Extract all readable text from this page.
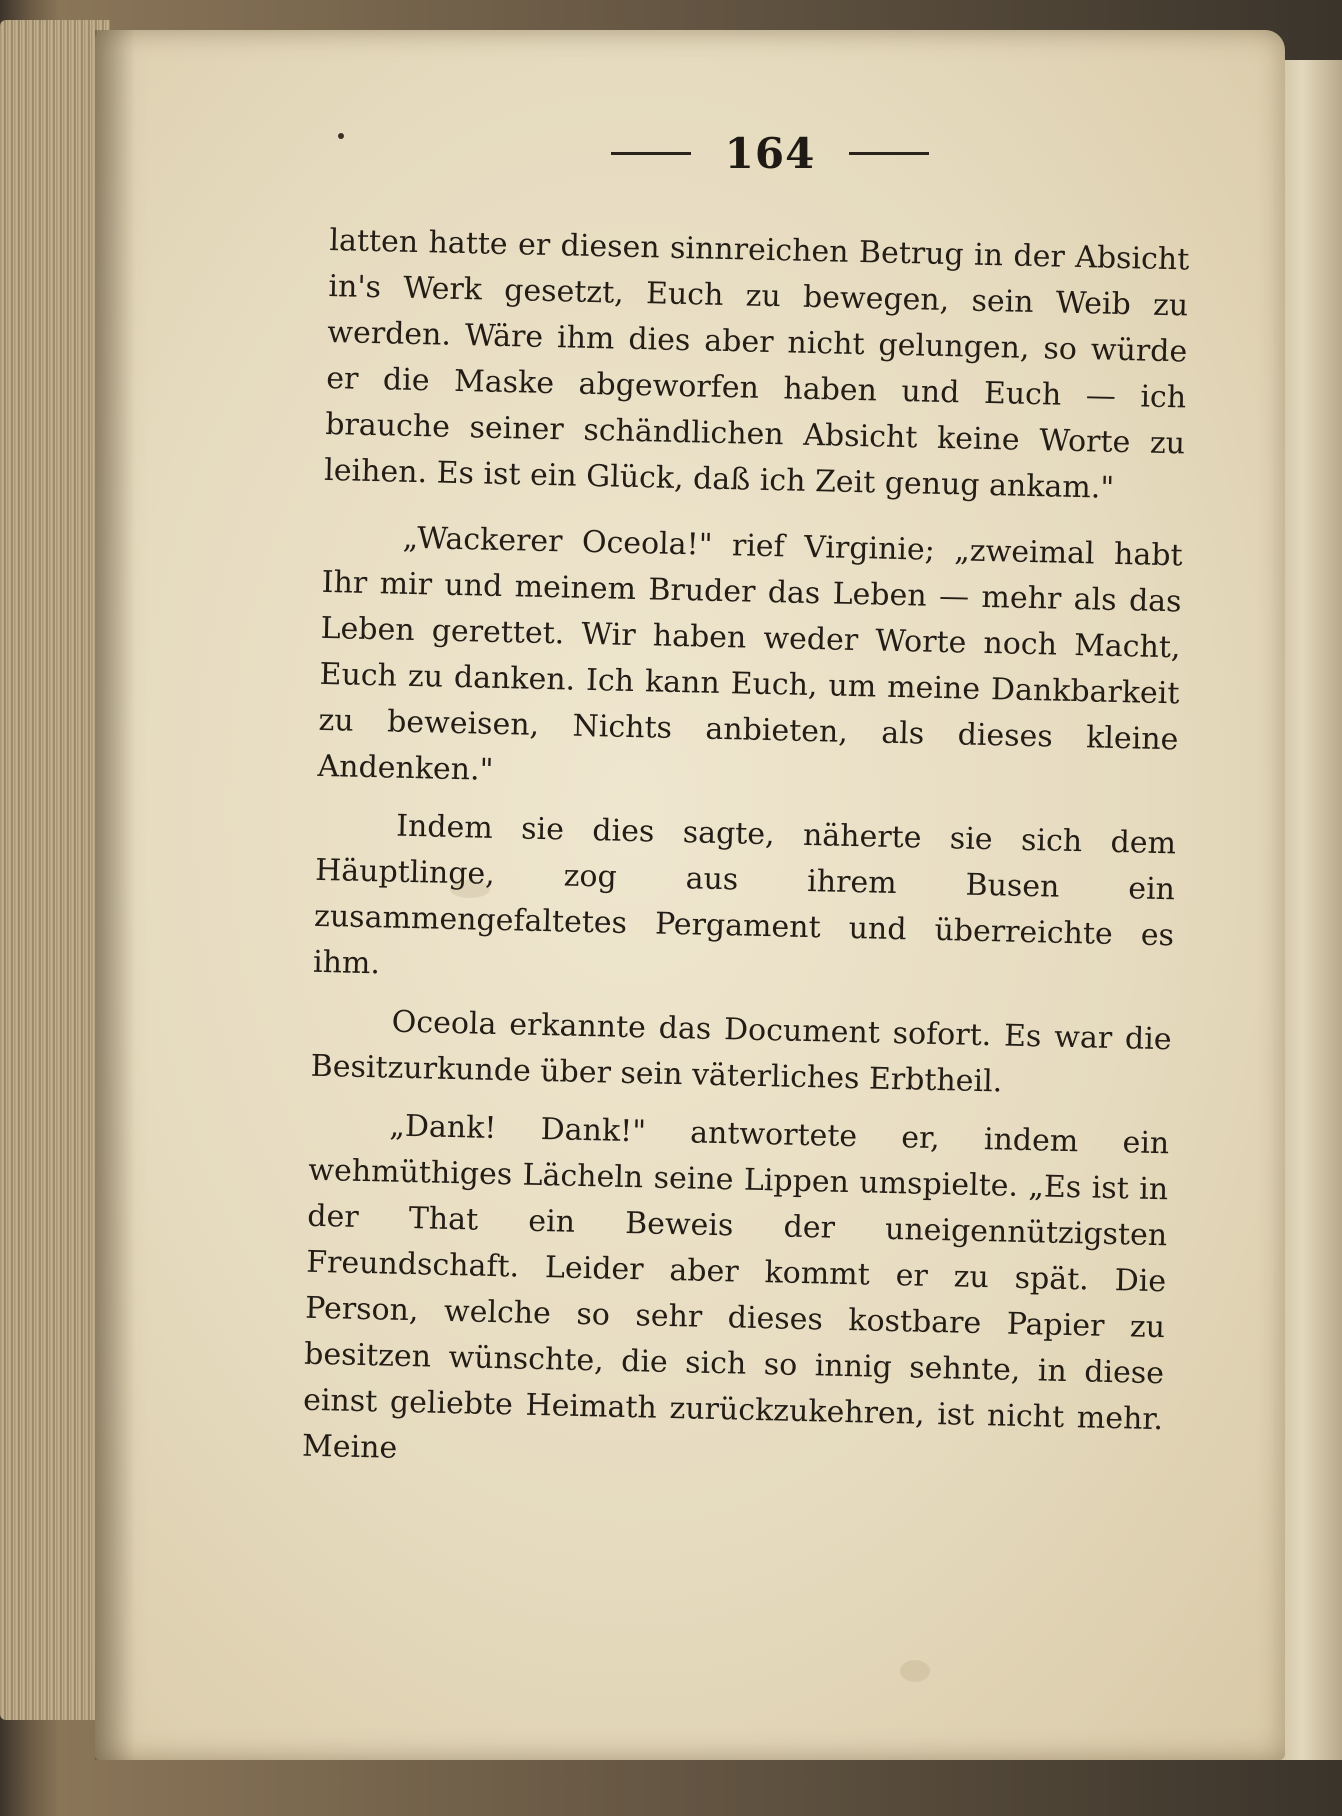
164

latten hatte er diesen sinnreichen Betrug in der Absicht in's Werk gesetzt, Euch zu bewegen, sein Weib zu werden. Wäre ihm dies aber nicht gelungen, so würde er die Maske abgeworfen haben und Euch — ich brauche seiner schändlichen Absicht keine Worte zu leihen. Es ist ein Glück, daß ich Zeit genug ankam."

„Wackerer Oceola!" rief Virginie; „zweimal habt Ihr mir und meinem Bruder das Leben — mehr als das Leben gerettet. Wir haben weder Worte noch Macht, Euch zu danken. Ich kann Euch, um meine Dankbarkeit zu beweisen, Nichts anbieten, als dieses kleine Andenken."

Indem sie dies sagte, näherte sie sich dem Häuptlinge, zog aus ihrem Busen ein zusammengefaltetes Pergament und überreichte es ihm.

Oceola erkannte das Document sofort. Es war die Besitzurkunde über sein väterliches Erbtheil.

„Dank! Dank!" antwortete er, indem ein wehmüthiges Lächeln seine Lippen umspielte. „Es ist in der That ein Beweis der uneigennützigsten Freundschaft. Leider aber kommt er zu spät. Die Person, welche so sehr dieses kostbare Papier zu besitzen wünschte, die sich so innig sehnte, in diese einst geliebte Heimath zurückzukehren, ist nicht mehr. Meine
